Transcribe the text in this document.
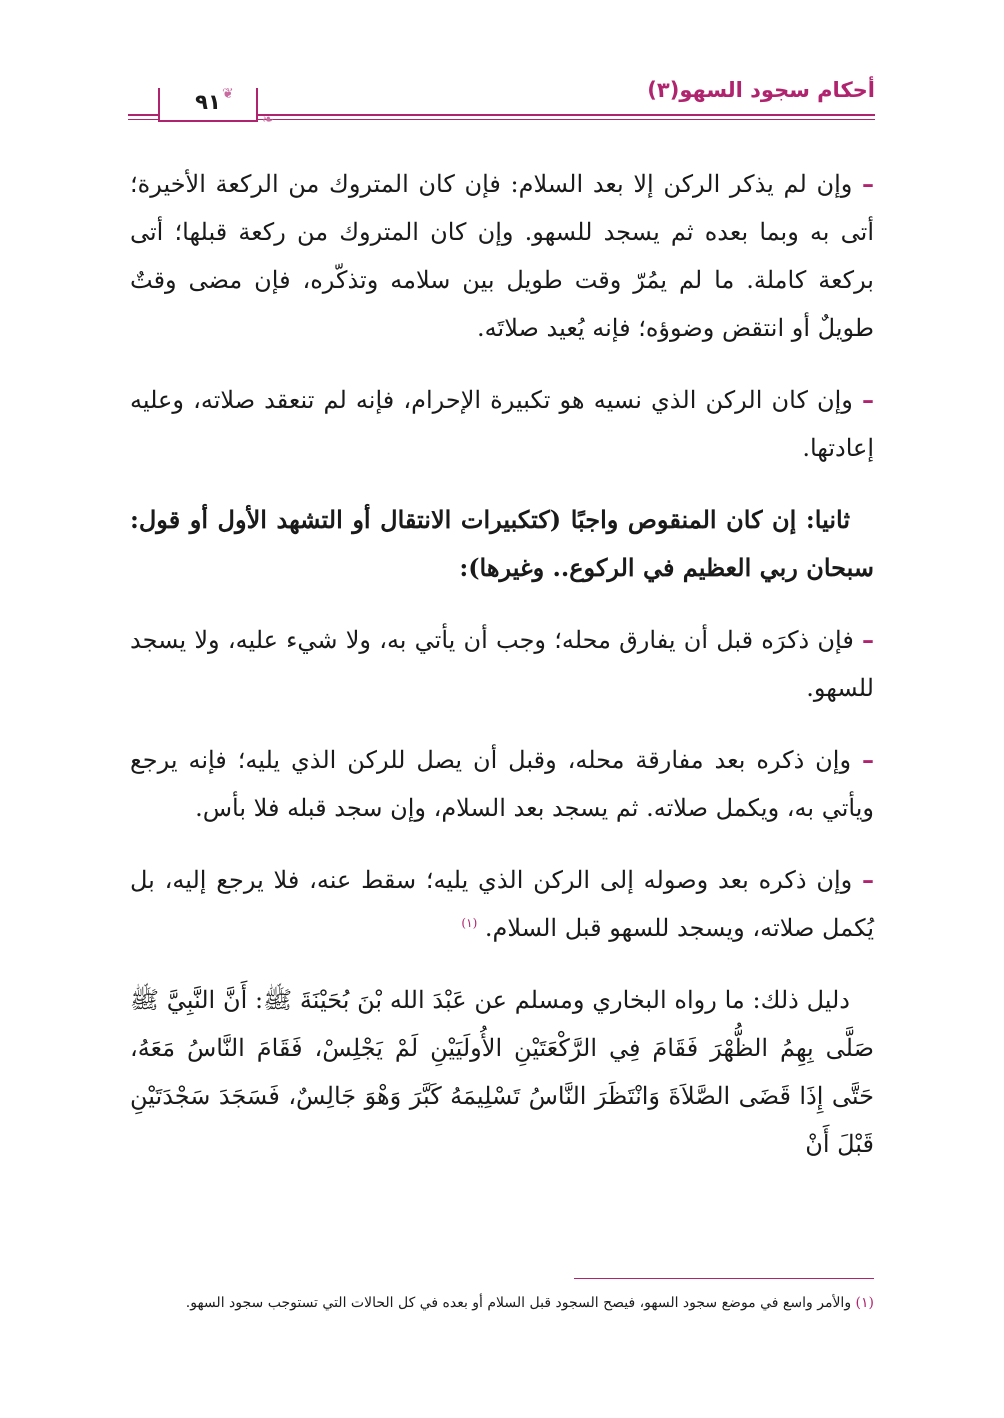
أحكام سجود السهو(٣)
❦
❧
٩١

– وإن لم يذكر الركن إلا بعد السلام: فإن كان المتروك من الركعة الأخيرة؛ أتى به وبما بعده ثم يسجد للسهو. وإن كان المتروك من ركعة قبلها؛ أتى بركعة كاملة. ما لم يمُرّ وقت طويل بين سلامه وتذكّره، فإن مضى وقتٌ طويلٌ أو انتقض وضوؤه؛ فإنه يُعيد صلاتَه.

– وإن كان الركن الذي نسيه هو تكبيرة الإحرام، فإنه لم تنعقد صلاته، وعليه إعادتها.

ثانيا: إن كان المنقوص واجبًا (كتكبيرات الانتقال أو التشهد الأول أو قول: سبحان ربي العظيم في الركوع.. وغيرها):

– فإن ذكرَه قبل أن يفارق محله؛ وجب أن يأتي به، ولا شيء عليه، ولا يسجد للسهو.

– وإن ذكره بعد مفارقة محله، وقبل أن يصل للركن الذي يليه؛ فإنه يرجع ويأتي به، ويكمل صلاته. ثم يسجد بعد السلام، وإن سجد قبله فلا بأس.

– وإن ذكره بعد وصوله إلى الركن الذي يليه؛ سقط عنه، فلا يرجع إليه، بل يُكمل صلاته، ويسجد للسهو قبل السلام. $^{(١)}$

دليل ذلك: ما رواه البخاري ومسلم عن عَبْدَ الله بْنَ بُحَيْنَةَ ﷺ: أَنَّ النَّبِيَّ ﷺ صَلَّى بِهِمُ الظُّهْرَ فَقَامَ فِي الرَّكْعَتَيْنِ الأُولَيَيْنِ لَمْ يَجْلِسْ، فَقَامَ النَّاسُ مَعَهُ، حَتَّى إِذَا قَضَى الصَّلاَةَ وَانْتَظَرَ النَّاسُ تَسْلِيمَهُ كَبَّرَ وَهْوَ جَالِسٌ، فَسَجَدَ سَجْدَتَيْنِ قَبْلَ أَنْ

(١) والأمر واسع في موضع سجود السهو، فيصح السجود قبل السلام أو بعده في كل الحالات التي تستوجب سجود السهو.
